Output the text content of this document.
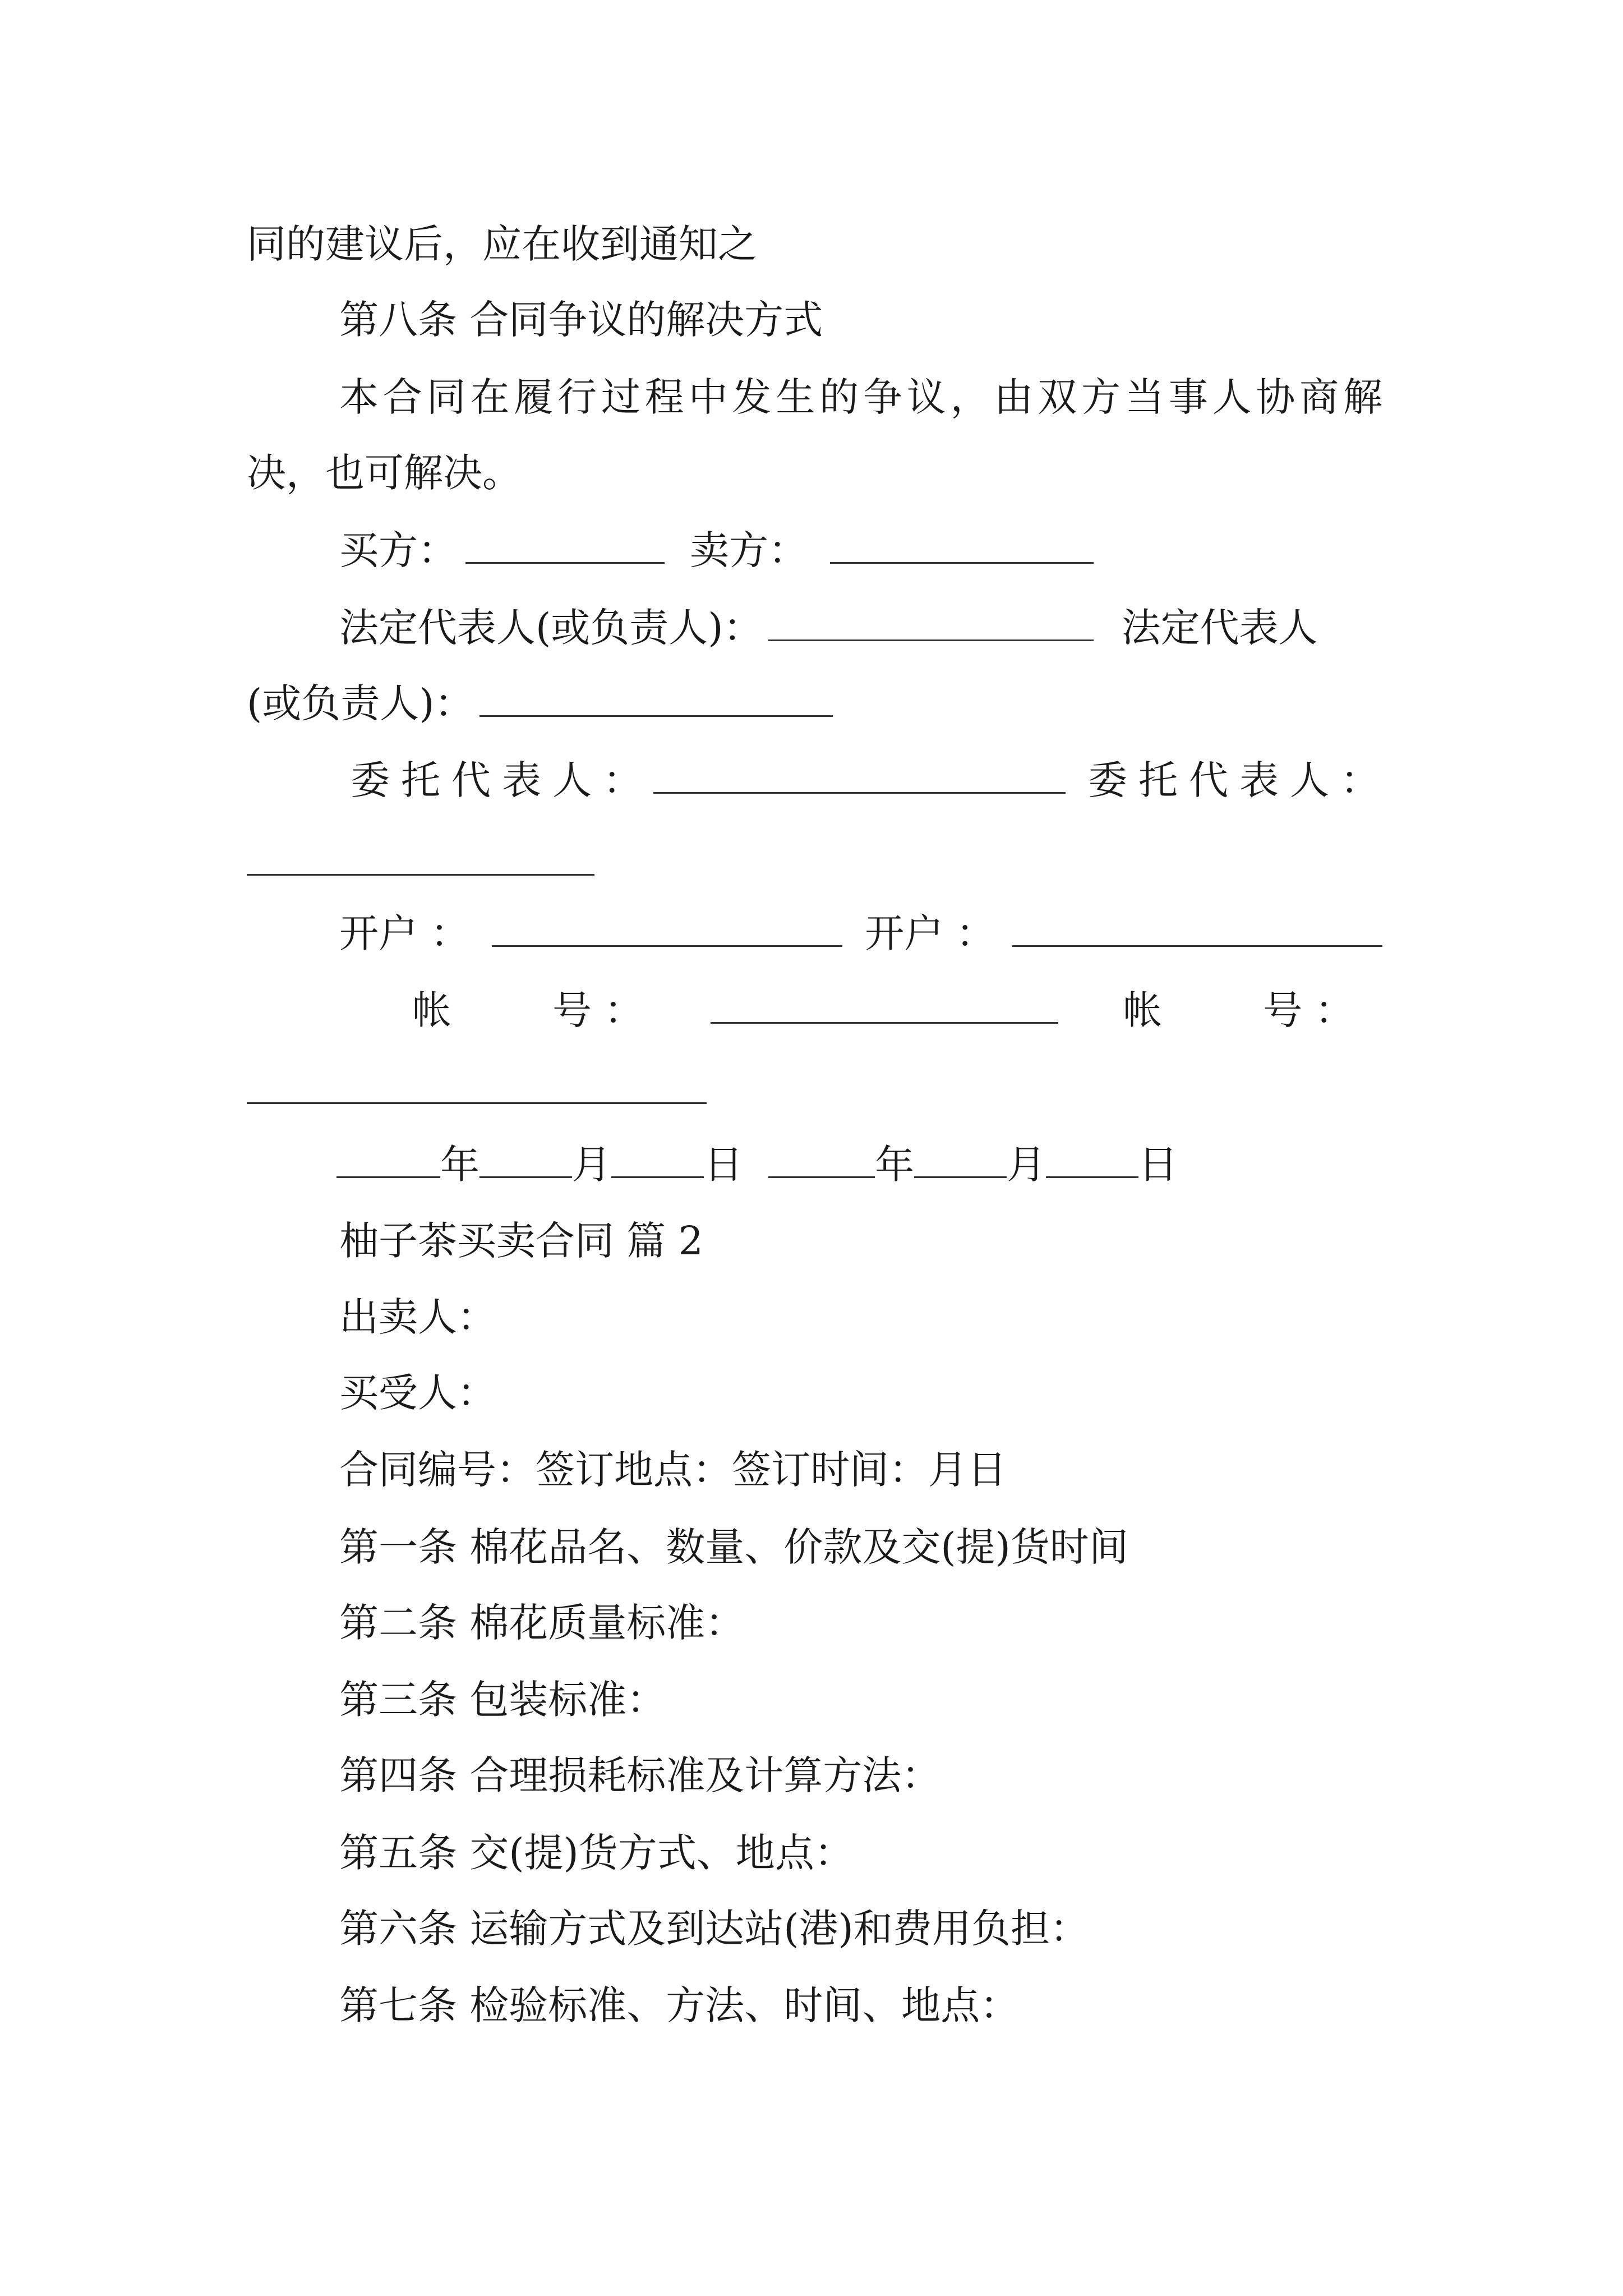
同的建议后，应在收到通知之
第八条 合同争议的解决方式
本合同在履行过程中发生的争议，由双方当事人协商解
决，也可解决。
买方：	卖方：
法定代表人(或负责人)：	法定代表人
(或负责人)：
委托代表人：	委托代表人：
开户 ：	开户 ：
帐	号 ：	帐	号 ：
年 月 日	年 月 日
柚子茶买卖合同 篇 2
出卖人：
买受人：
合同编号：签订地点：签订时间：月日
第一条 棉花品名、数量、价款及交(提)货时间
第二条 棉花质量标准：
第三条 包装标准：
第四条 合理损耗标准及计算方法：
第五条 交(提)货方式、地点：
第六条 运输方式及到达站(港)和费用负担：
第七条 检验标准、方法、时间、地点：
